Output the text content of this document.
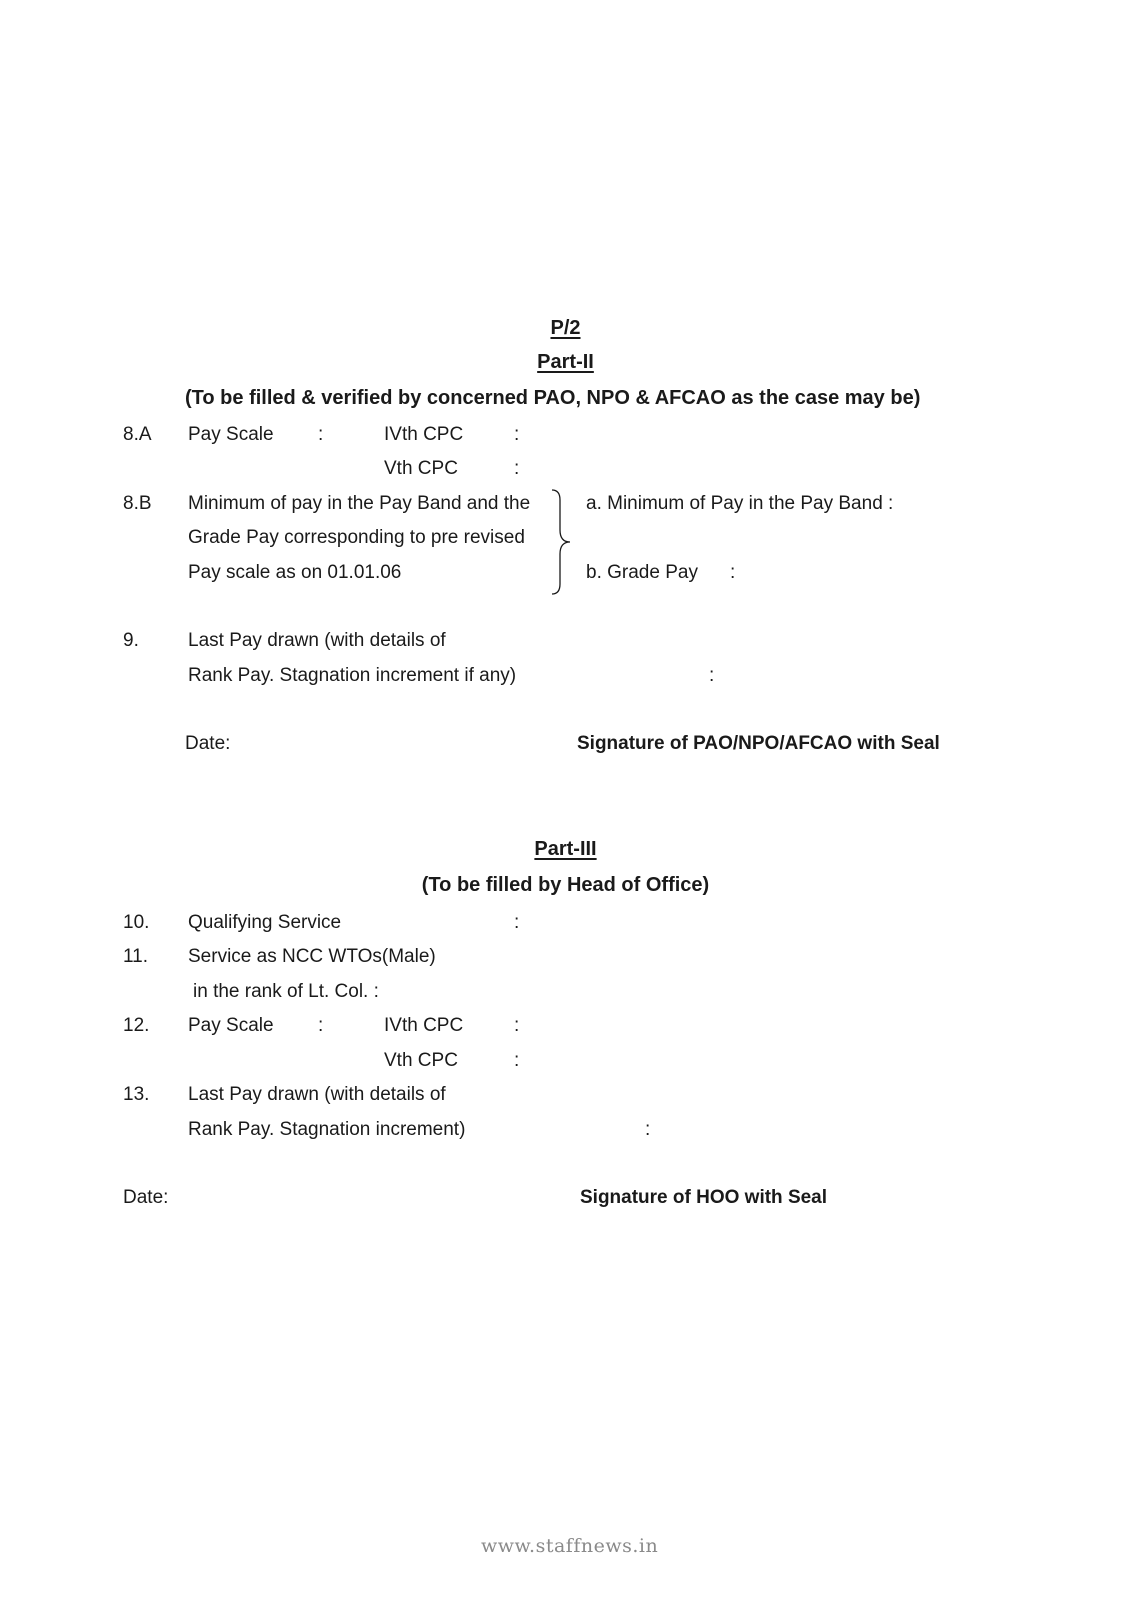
P/2
Part-II
(To be filled & verified by concerned PAO, NPO & AFCAO as the case may be)
8.A Pay Scale :	IVth CPC	:
Vth CPC	:
8.B Minimum of pay in the Pay Band and the
Grade Pay corresponding to pre revised
Pay scale as on 01.01.06
a. Minimum of Pay in the Pay Band :
b. Grade Pay :
9.	Last Pay drawn (with details of
Rank Pay. Stagnation increment if any)	:
Date:	Signature of PAO/NPO/AFCAO with Seal
Part-III
(To be filled by Head of Office)
10. Qualifying Service	:
11. Service as NCC WTOs(Male)
in the rank of Lt. Col. :
12. Pay Scale :	IVth CPC	:
Vth CPC	:
13. Last Pay drawn (with details of
Rank Pay. Stagnation increment)	:
Date:	Signature of HOO with Seal
www.staffnews.in
